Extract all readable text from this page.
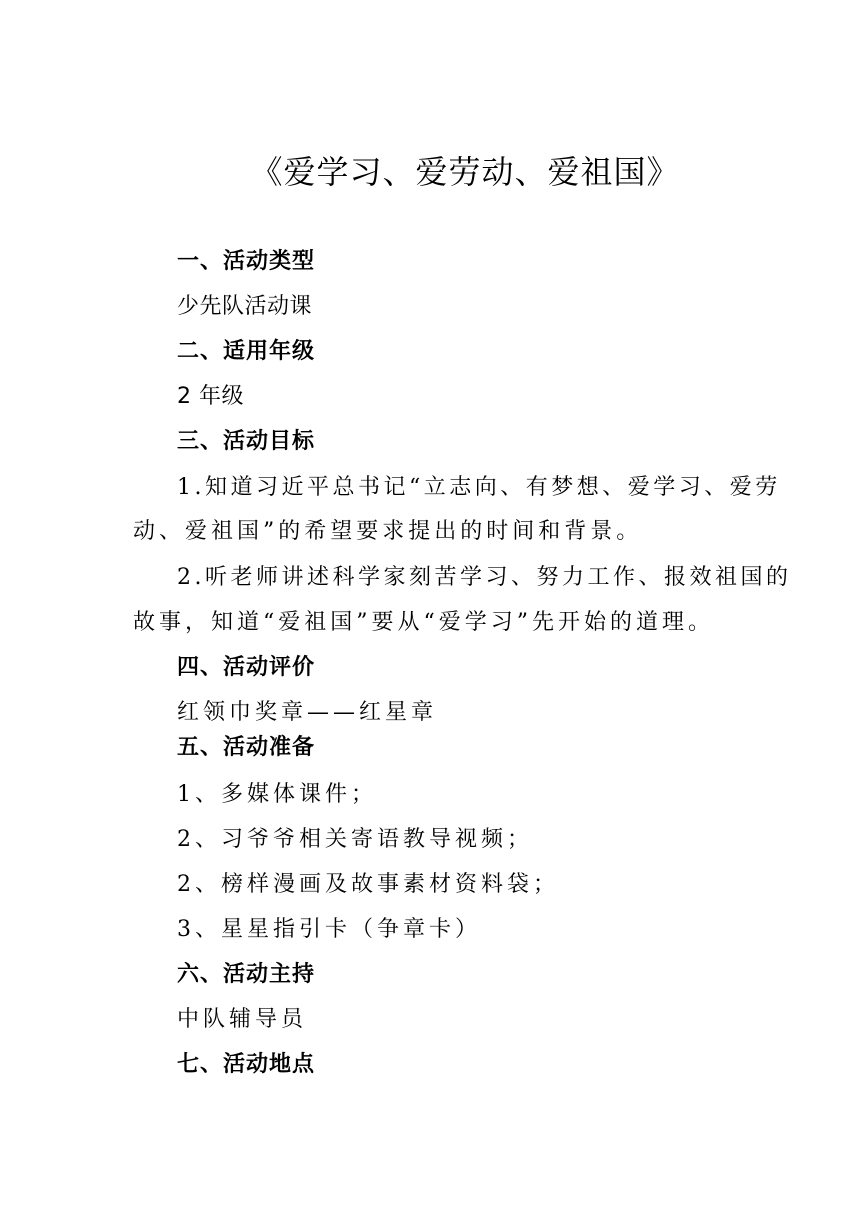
《爱学习、爱劳动、爱祖国》
一、活动类型
少先队活动课
二、适用年级
2 年级
三、活动目标
1.知道习近平总书记“立志向、有梦想、爱学习、爱劳
动、爱祖国”的希望要求提出的时间和背景。
2.听老师讲述科学家刻苦学习、努力工作、报效祖国的
故事，知道“爱祖国”要从“爱学习”先开始的道理。
四、活动评价
红领巾奖章——红星章
五、活动准备
1、多媒体课件；
2、习爷爷相关寄语教导视频；
2、榜样漫画及故事素材资料袋；
3、星星指引卡（争章卡）
六、活动主持
中队辅导员
七、活动地点
